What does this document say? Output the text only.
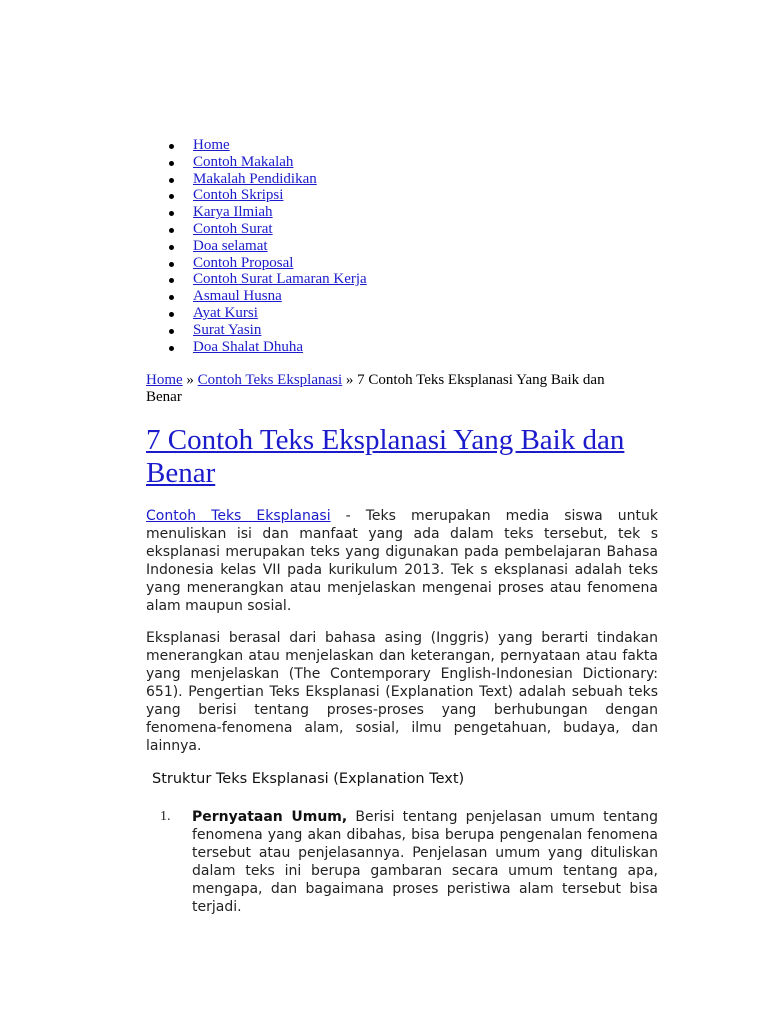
Home
Contoh Makalah
Makalah Pendidikan
Contoh Skripsi
Karya Ilmiah
Contoh Surat
Doa selamat
Contoh Proposal
Contoh Surat Lamaran Kerja
Asmaul Husna
Ayat Kursi
Surat Yasin
Doa Shalat Dhuha
Home » Contoh Teks Eksplanasi » 7 Contoh Teks Eksplanasi Yang Baik dan Benar
7 Contoh Teks Eksplanasi Yang Baik dan Benar

Contoh Teks Eksplanasi - Teks merupakan media siswa untuk menuliskan isi dan manfaat yang ada dalam teks tersebut, tek s eksplanasi merupakan teks yang digunakan pada pembelajaran Bahasa Indonesia kelas VII pada kurikulum 2013. Tek s eksplanasi adalah teks yang menerangkan atau menjelaskan mengenai proses atau fenomena alam maupun sosial.

Eksplanasi berasal dari bahasa asing (Inggris) yang berarti tindakan menerangkan atau menjelaskan dan keterangan, pernyataan atau fakta yang menjelaskan (The Contemporary English-Indonesian Dictionary: 651). Pengertian Teks Eksplanasi (Explanation Text) adalah sebuah teks yang berisi tentang proses-proses yang berhubungan dengan fenomena-fenomena alam, sosial, ilmu pengetahuan, budaya, dan lainnya.

Struktur Teks Eksplanasi (Explanation Text)
1. Pernyataan Umum, Berisi tentang penjelasan umum tentang fenomena yang akan dibahas, bisa berupa pengenalan fenomena tersebut atau penjelasannya. Penjelasan umum yang dituliskan dalam teks ini berupa gambaran secara umum tentang apa, mengapa, dan bagaimana proses peristiwa alam tersebut bisa terjadi.
